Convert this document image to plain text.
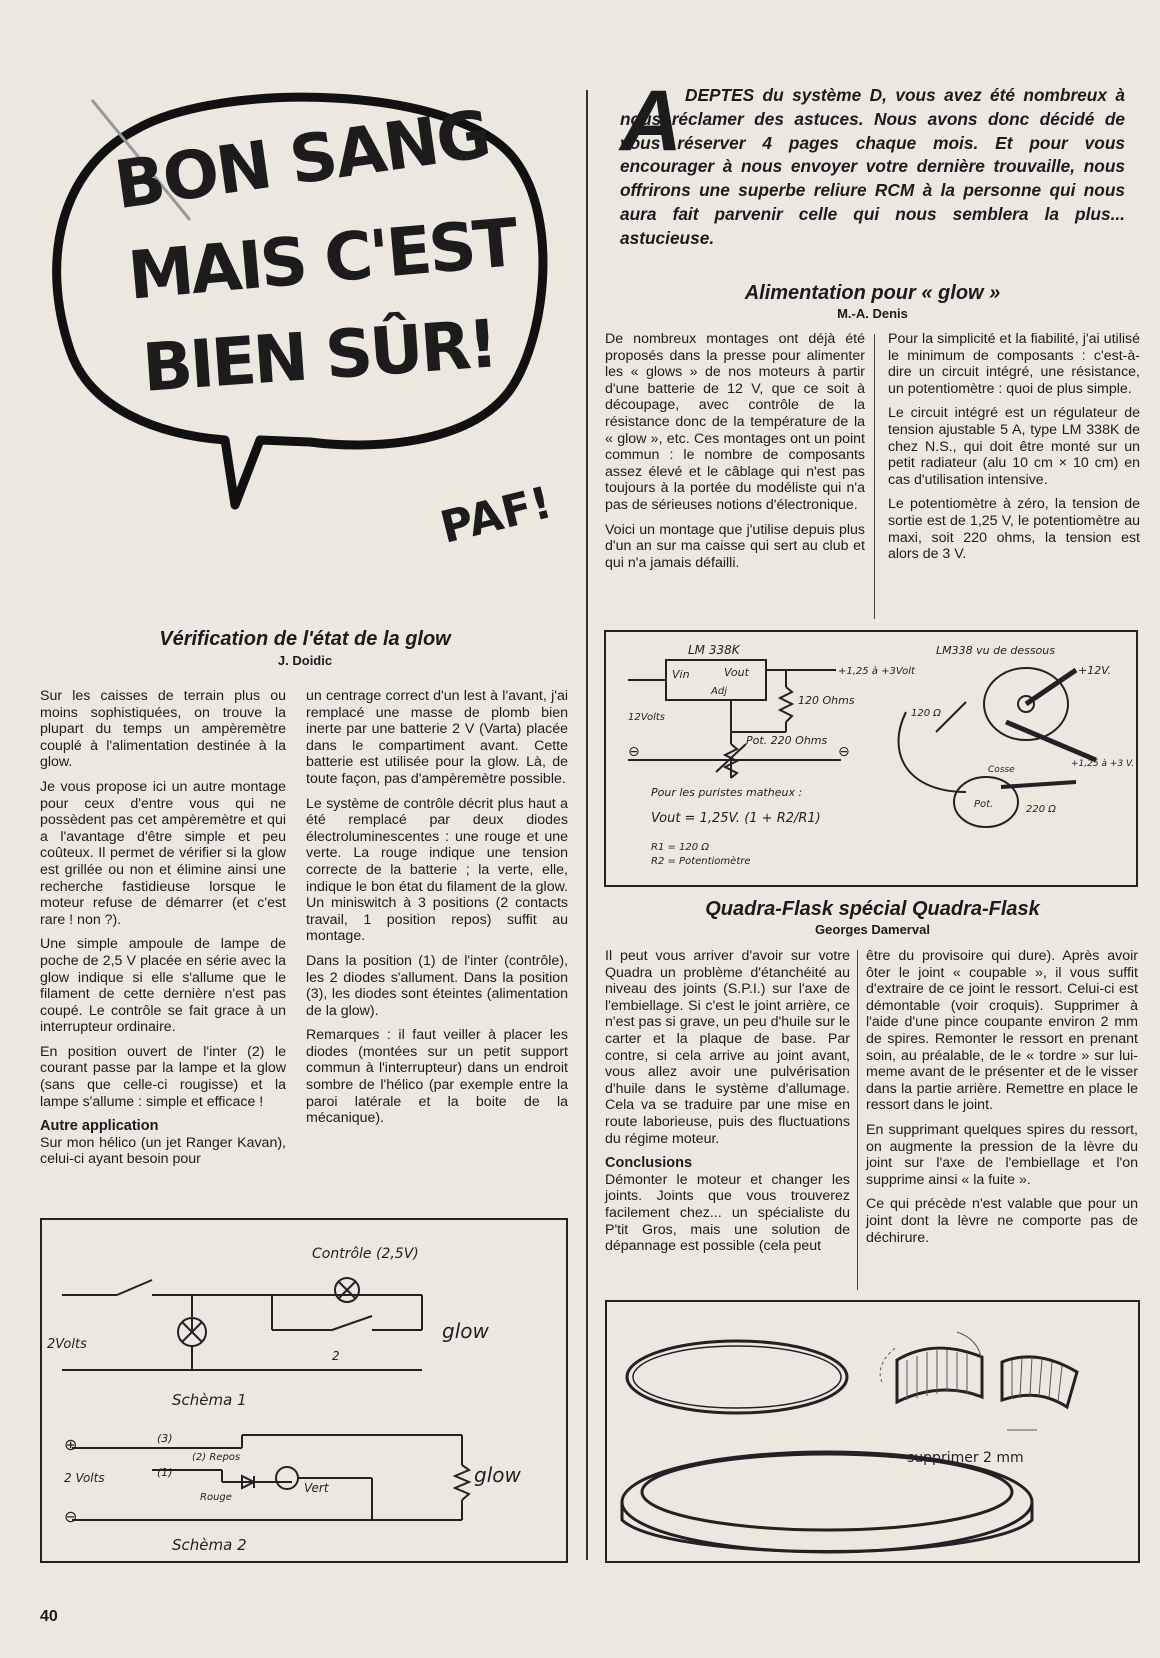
BON SANG
MAIS C'EST
BIEN SÛR!
PAF!
A DEPTES du système D, vous avez été nombreux à nous réclamer des astuces. Nous avons donc décidé de vous réserver 4 pages chaque mois. Et pour vous encourager à nous envoyer votre dernière trouvaille, nous offrirons une superbe reliure RCM à la personne qui nous aura fait parvenir celle qui nous semblera la plus... astucieuse.
Alimentation pour « glow »
M.-A. Denis

De nombreux montages ont déjà été proposés dans la presse pour alimenter les « glows » de nos moteurs à partir d'une batterie de 12 V, que ce soit à découpage, avec contrôle de la résistance donc de la température de la « glow », etc. Ces montages ont un point commun : le nombre de composants assez élevé et le câblage qui n'est pas toujours à la portée du modéliste qui n'a pas de sérieuses notions d'électronique.

Voici un montage que j'utilise depuis plus d'un an sur ma caisse qui sert au club et qui n'a jamais défailli.

Pour la simplicité et la fiabilité, j'ai utilisé le minimum de composants : c'est-à-dire un circuit intégré, une résistance, un potentiomètre : quoi de plus simple.

Le circuit intégré est un régulateur de tension ajustable 5 A, type LM 338K de chez N.S., qui doit être monté sur un petit radiateur (alu 10 cm × 10 cm) en cas d'utilisation intensive.

Le potentiomètre à zéro, la tension de sortie est de 1,25 V, le potentiomètre au maxi, soit 220 ohms, la tension est alors de 3 V.

LM 338K
Vin	Vout
Adj
+1,25 à +3Volt
120 Ohms
Pot. 220 Ohms
12Volts
⊖	⊖
Pour les puristes matheux :
Vout = 1,25V. (1 + R2/R1)
R1 = 120 Ω
R2 = Potentiomètre
LM338 vu de dessous
+12V.
120 Ω
Cosse
+1,25 à +3 V.
Pot.	220 Ω
Vérification de l'état de la glow
J. Doidic

Sur les caisses de terrain plus ou moins sophistiquées, on trouve la plupart du temps un ampèremètre couplé à l'alimentation destinée à la glow.

Je vous propose ici un autre montage pour ceux d'entre vous qui ne possèdent pas cet ampèremètre et qui a l'avantage d'être simple et peu coûteux. Il permet de vérifier si la glow est grillée ou non et élimine ainsi une recherche fastidieuse lorsque le moteur refuse de démarrer (et c'est rare ! non ?).

Une simple ampoule de lampe de poche de 2,5 V placée en série avec la glow indique si elle s'allume que le filament de cette dernière n'est pas coupé. Le contrôle se fait grace à un interrupteur ordinaire.

En position ouvert de l'inter (2) le courant passe par la lampe et la glow (sans que celle-ci rougisse) et la lampe s'allume : simple et efficace !

Autre application

Sur mon hélico (un jet Ranger Kavan), celui-ci ayant besoin pour

un centrage correct d'un lest à l'avant, j'ai remplacé une masse de plomb bien inerte par une batterie 2 V (Varta) placée dans le compartiment avant. Cette batterie est utilisée pour la glow. Là, de toute façon, pas d'ampèremètre possible.

Le système de contrôle décrit plus haut a été remplacé par deux diodes électroluminescentes : une rouge et une verte. La rouge indique une tension correcte de la batterie ; la verte, elle, indique le bon état du filament de la glow. Un miniswitch à 3 positions (2 contacts travail, 1 position repos) suffit au montage.

Dans la position (1) de l'inter (contrôle), les 2 diodes s'allument. Dans la position (3), les diodes sont éteintes (alimentation de la glow).

Remarques : il faut veiller à placer les diodes (montées sur un petit support commun à l'interrupteur) dans un endroit sombre de l'hélico (par exemple entre la paroi latérale et la boite de la mécanique).

Contrôle (2,5V)
2Volts
glow
2
Schèma 1
⊕
⊖
(3)
(2) Repos
(1)
2 Volts
Rouge
Vert
glow
Schèma 2
Quadra-Flask spécial Quadra-Flask
Georges Damerval

Il peut vous arriver d'avoir sur votre Quadra un problème d'étanchéité au niveau des joints (S.P.I.) sur l'axe de l'embiellage. Si c'est le joint arrière, ce n'est pas si grave, un peu d'huile sur le carter et la plaque de base. Par contre, si cela arrive au joint avant, vous allez avoir une pulvérisation d'huile dans le système d'allumage. Cela va se traduire par une mise en route laborieuse, puis des fluctuations du régime moteur.

Conclusions

Démonter le moteur et changer les joints. Joints que vous trouverez facilement chez... un spécialiste du P'tit Gros, mais une solution de dépannage est possible (cela peut

être du provisoire qui dure). Après avoir ôter le joint « coupable », il vous suffit d'extraire de ce joint le ressort. Celui-ci est démontable (voir croquis). Supprimer à l'aide d'une pince coupante environ 2 mm de spires. Remonter le ressort en prenant soin, au préalable, de le « tordre » sur lui-meme avant de le présenter et de le visser dans la partie arrière. Remettre en place le ressort dans le joint.

En supprimant quelques spires du ressort, on augmente la pression de la lèvre du joint sur l'axe de l'embiellage et l'on supprime ainsi « la fuite ».

Ce qui précède n'est valable que pour un joint dont la lèvre ne comporte pas de déchirure.

supprimer 2 mm
40
